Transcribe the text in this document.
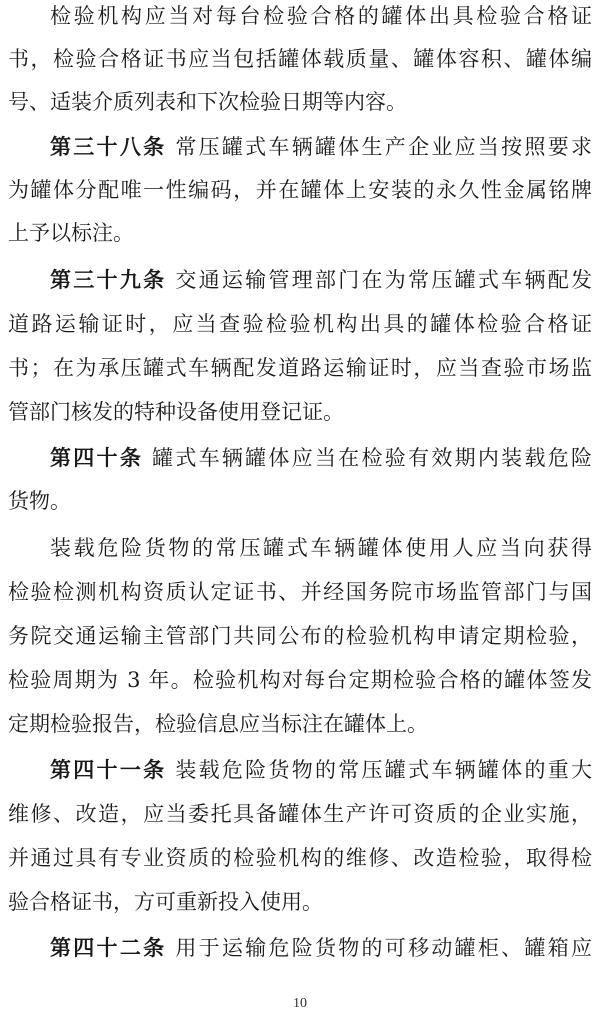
检验机构应当对每台检验合格的罐体出具检验合格证
书，检验合格证书应当包括罐体载质量、罐体容积、罐体编
号、适装介质列表和下次检验日期等内容。
第三十八条 常压罐式车辆罐体生产企业应当按照要求
为罐体分配唯一性编码，并在罐体上安装的永久性金属铭牌
上予以标注。
第三十九条 交通运输管理部门在为常压罐式车辆配发
道路运输证时，应当查验检验机构出具的罐体检验合格证
书；在为承压罐式车辆配发道路运输证时，应当查验市场监
管部门核发的特种设备使用登记证。
第四十条 罐式车辆罐体应当在检验有效期内装载危险
货物。
装载危险货物的常压罐式车辆罐体使用人应当向获得
检验检测机构资质认定证书、并经国务院市场监管部门与国
务院交通运输主管部门共同公布的检验机构申请定期检验，
检验周期为 3 年。检验机构对每台定期检验合格的罐体签发
定期检验报告，检验信息应当标注在罐体上。
第四十一条 装载危险货物的常压罐式车辆罐体的重大
维修、改造，应当委托具备罐体生产许可资质的企业实施，
并通过具有专业资质的检验机构的维修、改造检验，取得检
验合格证书，方可重新投入使用。
第四十二条 用于运输危险货物的可移动罐柜、罐箱应
10
